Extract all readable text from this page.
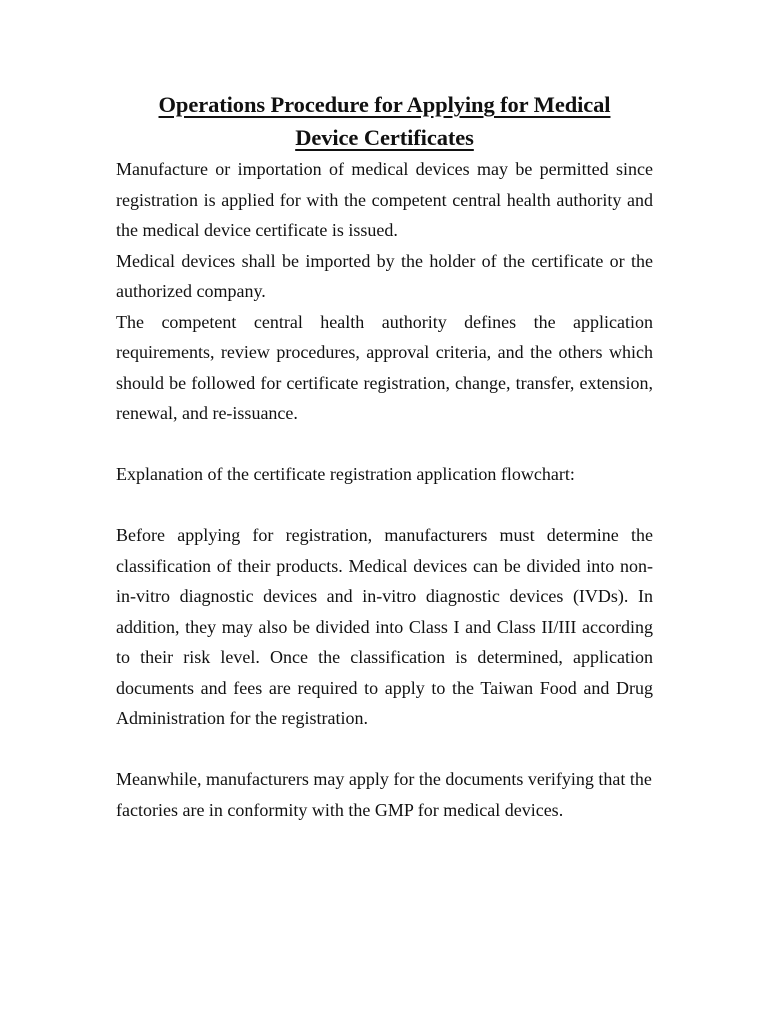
Operations Procedure for Applying for Medical
Device Certificates

Manufacture or importation of medical devices may be permitted since registration is applied for with the competent central health authority and the medical device certificate is issued.

Medical devices shall be imported by the holder of the certificate or the authorized company.

The competent central health authority defines the application requirements, review procedures, approval criteria, and the others which should be followed for certificate registration, change, transfer, extension, renewal, and re-issuance.

Explanation of the certificate registration application flowchart:

Before applying for registration, manufacturers must determine the classification of their products. Medical devices can be divided into non-in-vitro diagnostic devices and in-vitro diagnostic devices (IVDs). In addition, they may also be divided into Class I and Class II/III according to their risk level. Once the classification is determined, application documents and fees are required to apply to the Taiwan Food and Drug Administration for the registration.

Meanwhile, manufacturers may apply for the documents verifying that the factories are in conformity with the GMP for medical devices.
